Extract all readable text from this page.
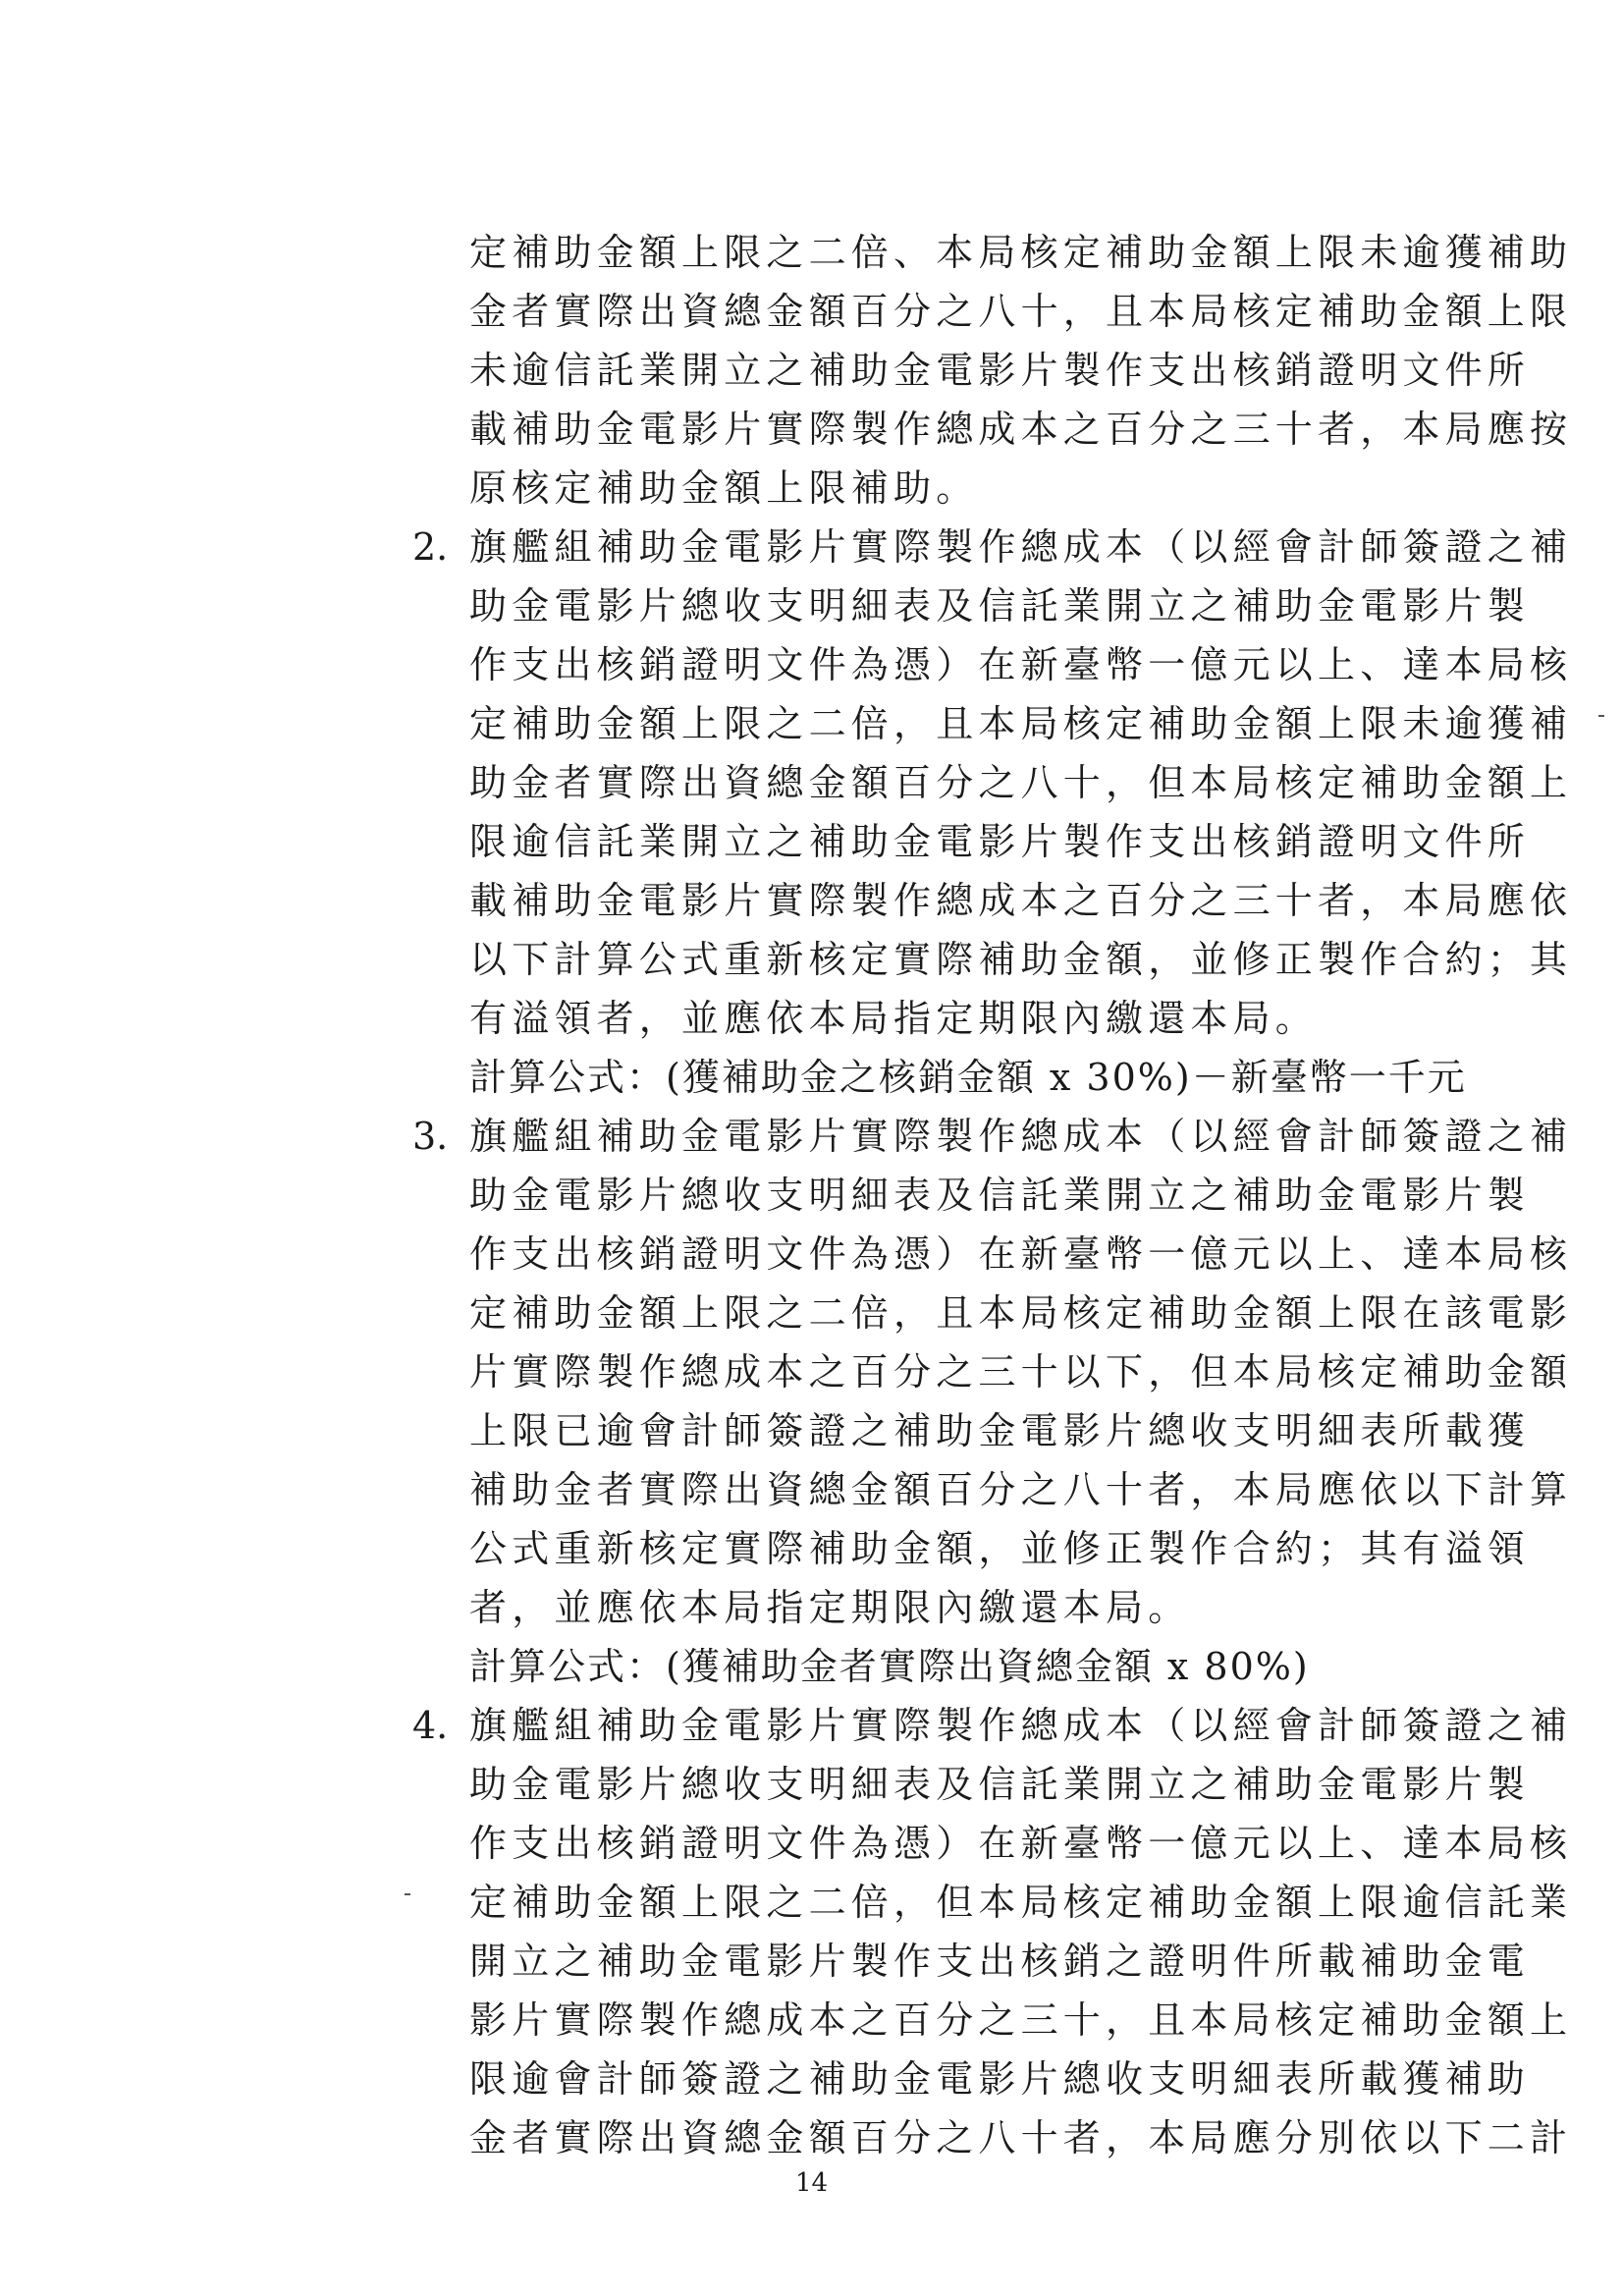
定補助金額上限之二倍、本局核定補助金額上限未逾獲補助
金者實際出資總金額百分之八十，且本局核定補助金額上限
未逾信託業開立之補助金電影片製作支出核銷證明文件所
載補助金電影片實際製作總成本之百分之三十者，本局應按
原核定補助金額上限補助。
2. 旗艦組補助金電影片實際製作總成本（以經會計師簽證之補
助金電影片總收支明細表及信託業開立之補助金電影片製
作支出核銷證明文件為憑）在新臺幣一億元以上、達本局核
定補助金額上限之二倍，且本局核定補助金額上限未逾獲補
助金者實際出資總金額百分之八十，但本局核定補助金額上
限逾信託業開立之補助金電影片製作支出核銷證明文件所
載補助金電影片實際製作總成本之百分之三十者，本局應依
以下計算公式重新核定實際補助金額，並修正製作合約；其
有溢領者，並應依本局指定期限內繳還本局。
計算公式：(獲補助金之核銷金額 x 30%)－新臺幣一千元
3. 旗艦組補助金電影片實際製作總成本（以經會計師簽證之補
助金電影片總收支明細表及信託業開立之補助金電影片製
作支出核銷證明文件為憑）在新臺幣一億元以上、達本局核
定補助金額上限之二倍，且本局核定補助金額上限在該電影
片實際製作總成本之百分之三十以下，但本局核定補助金額
上限已逾會計師簽證之補助金電影片總收支明細表所載獲
補助金者實際出資總金額百分之八十者，本局應依以下計算
公式重新核定實際補助金額，並修正製作合約；其有溢領
者，並應依本局指定期限內繳還本局。
計算公式：(獲補助金者實際出資總金額 x 80%)
4. 旗艦組補助金電影片實際製作總成本（以經會計師簽證之補
助金電影片總收支明細表及信託業開立之補助金電影片製
作支出核銷證明文件為憑）在新臺幣一億元以上、達本局核
定補助金額上限之二倍，但本局核定補助金額上限逾信託業
開立之補助金電影片製作支出核銷之證明件所載補助金電
影片實際製作總成本之百分之三十，且本局核定補助金額上
限逾會計師簽證之補助金電影片總收支明細表所載獲補助
金者實際出資總金額百分之八十者，本局應分別依以下二計
14
